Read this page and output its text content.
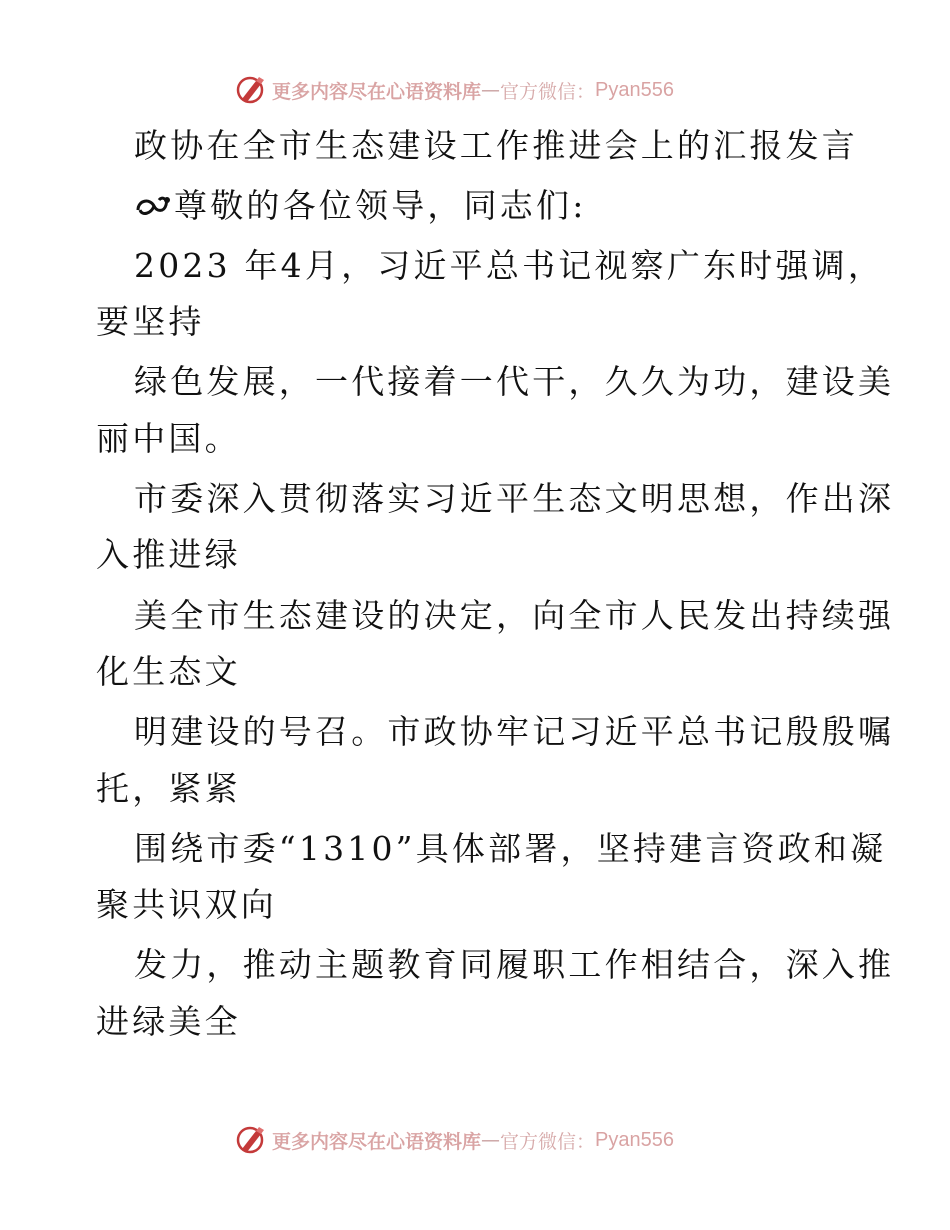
更多内容尽在心语资料库 — 官方微信： Pyan556
政协在全市生态建设工作推进会上的汇报发言
尊敬的各位领导，同志们:
2023 年4月，习近平总书记视察广东时强调，
要坚持
绿色发展，一代接着一代干，久久为功，建设美
丽中国。
市委深入贯彻落实习近平生态文明思想，作出深
入推进绿
美全市生态建设的决定，向全市人民发出持续强
化生态文
明建设的号召。市政协牢记习近平总书记殷殷嘱
托，紧紧
围绕市委“1310”具体部署，坚持建言资政和凝
聚共识双向
发力，推动主题教育同履职工作相结合，深入推
进绿美全
更多内容尽在心语资料库 — 官方微信： Pyan556
